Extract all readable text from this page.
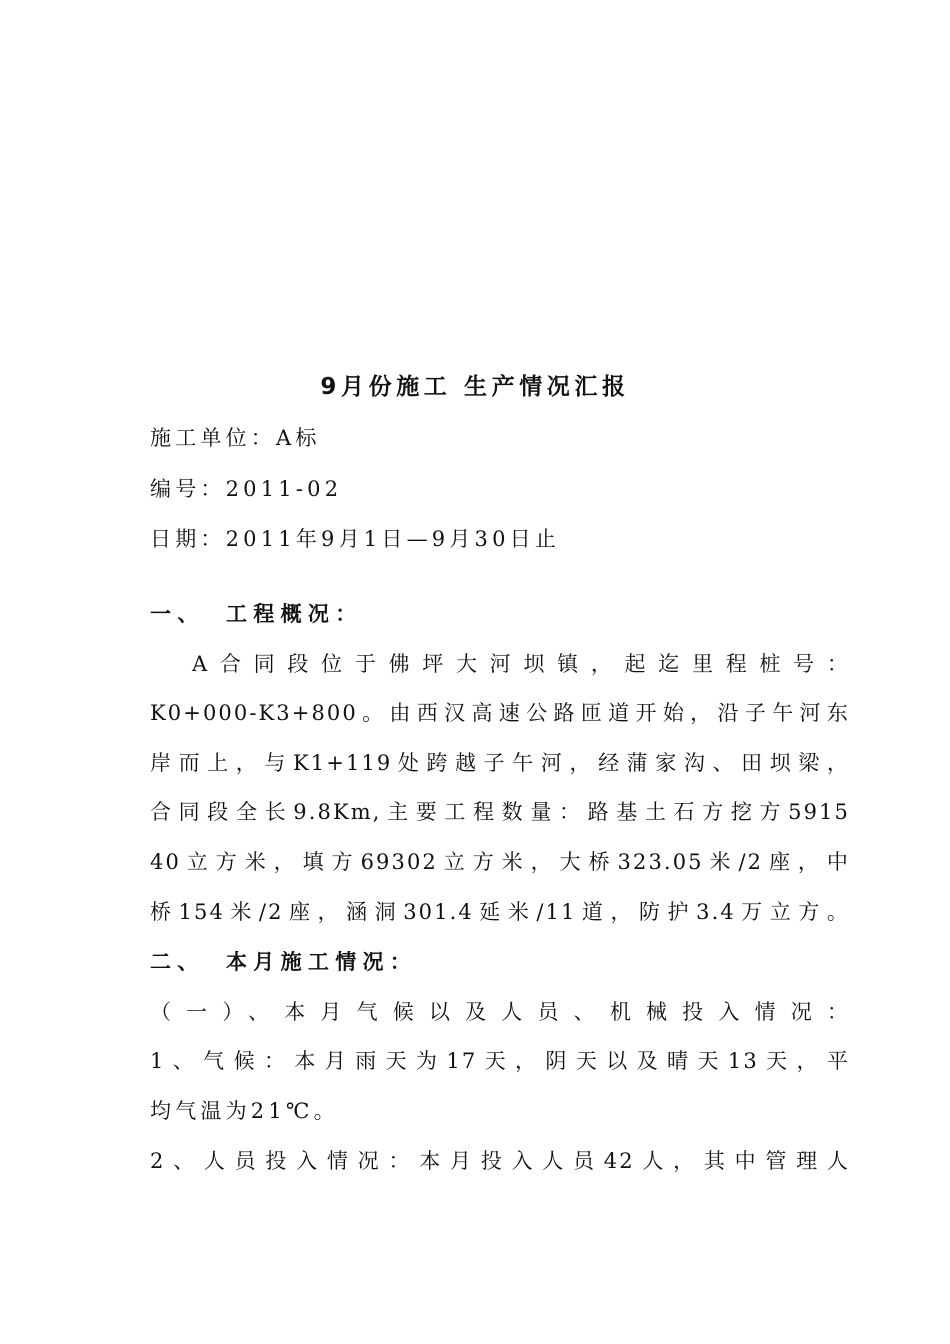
9月份施工 生产情况汇报
施工单位：A标
编号：2011-02
日期：2011年9月1日—9月30日止
一、 工程概况：
A合同段位于佛坪大河坝镇，起迄里程桩号：
K0+000-K3+800。由西汉高速公路匝道开始，沿子午河东
岸而上，与K1+119处跨越子午河，经蒲家沟、田坝梁，
合同段全长9.8Km,主要工程数量：路基土石方挖方5915
40立方米，填方69302立方米，大桥323.05米/2座，中
桥154米/2座，涵洞301.4延米/11道，防护3.4万立方。
二、 本月施工情况：
（一）、本月气候以及人员、机械投入情况：
1、气候：本月雨天为17天，阴天以及晴天13天，平
均气温为21℃。
2、人员投入情况：本月投入人员42人，其中管理人
